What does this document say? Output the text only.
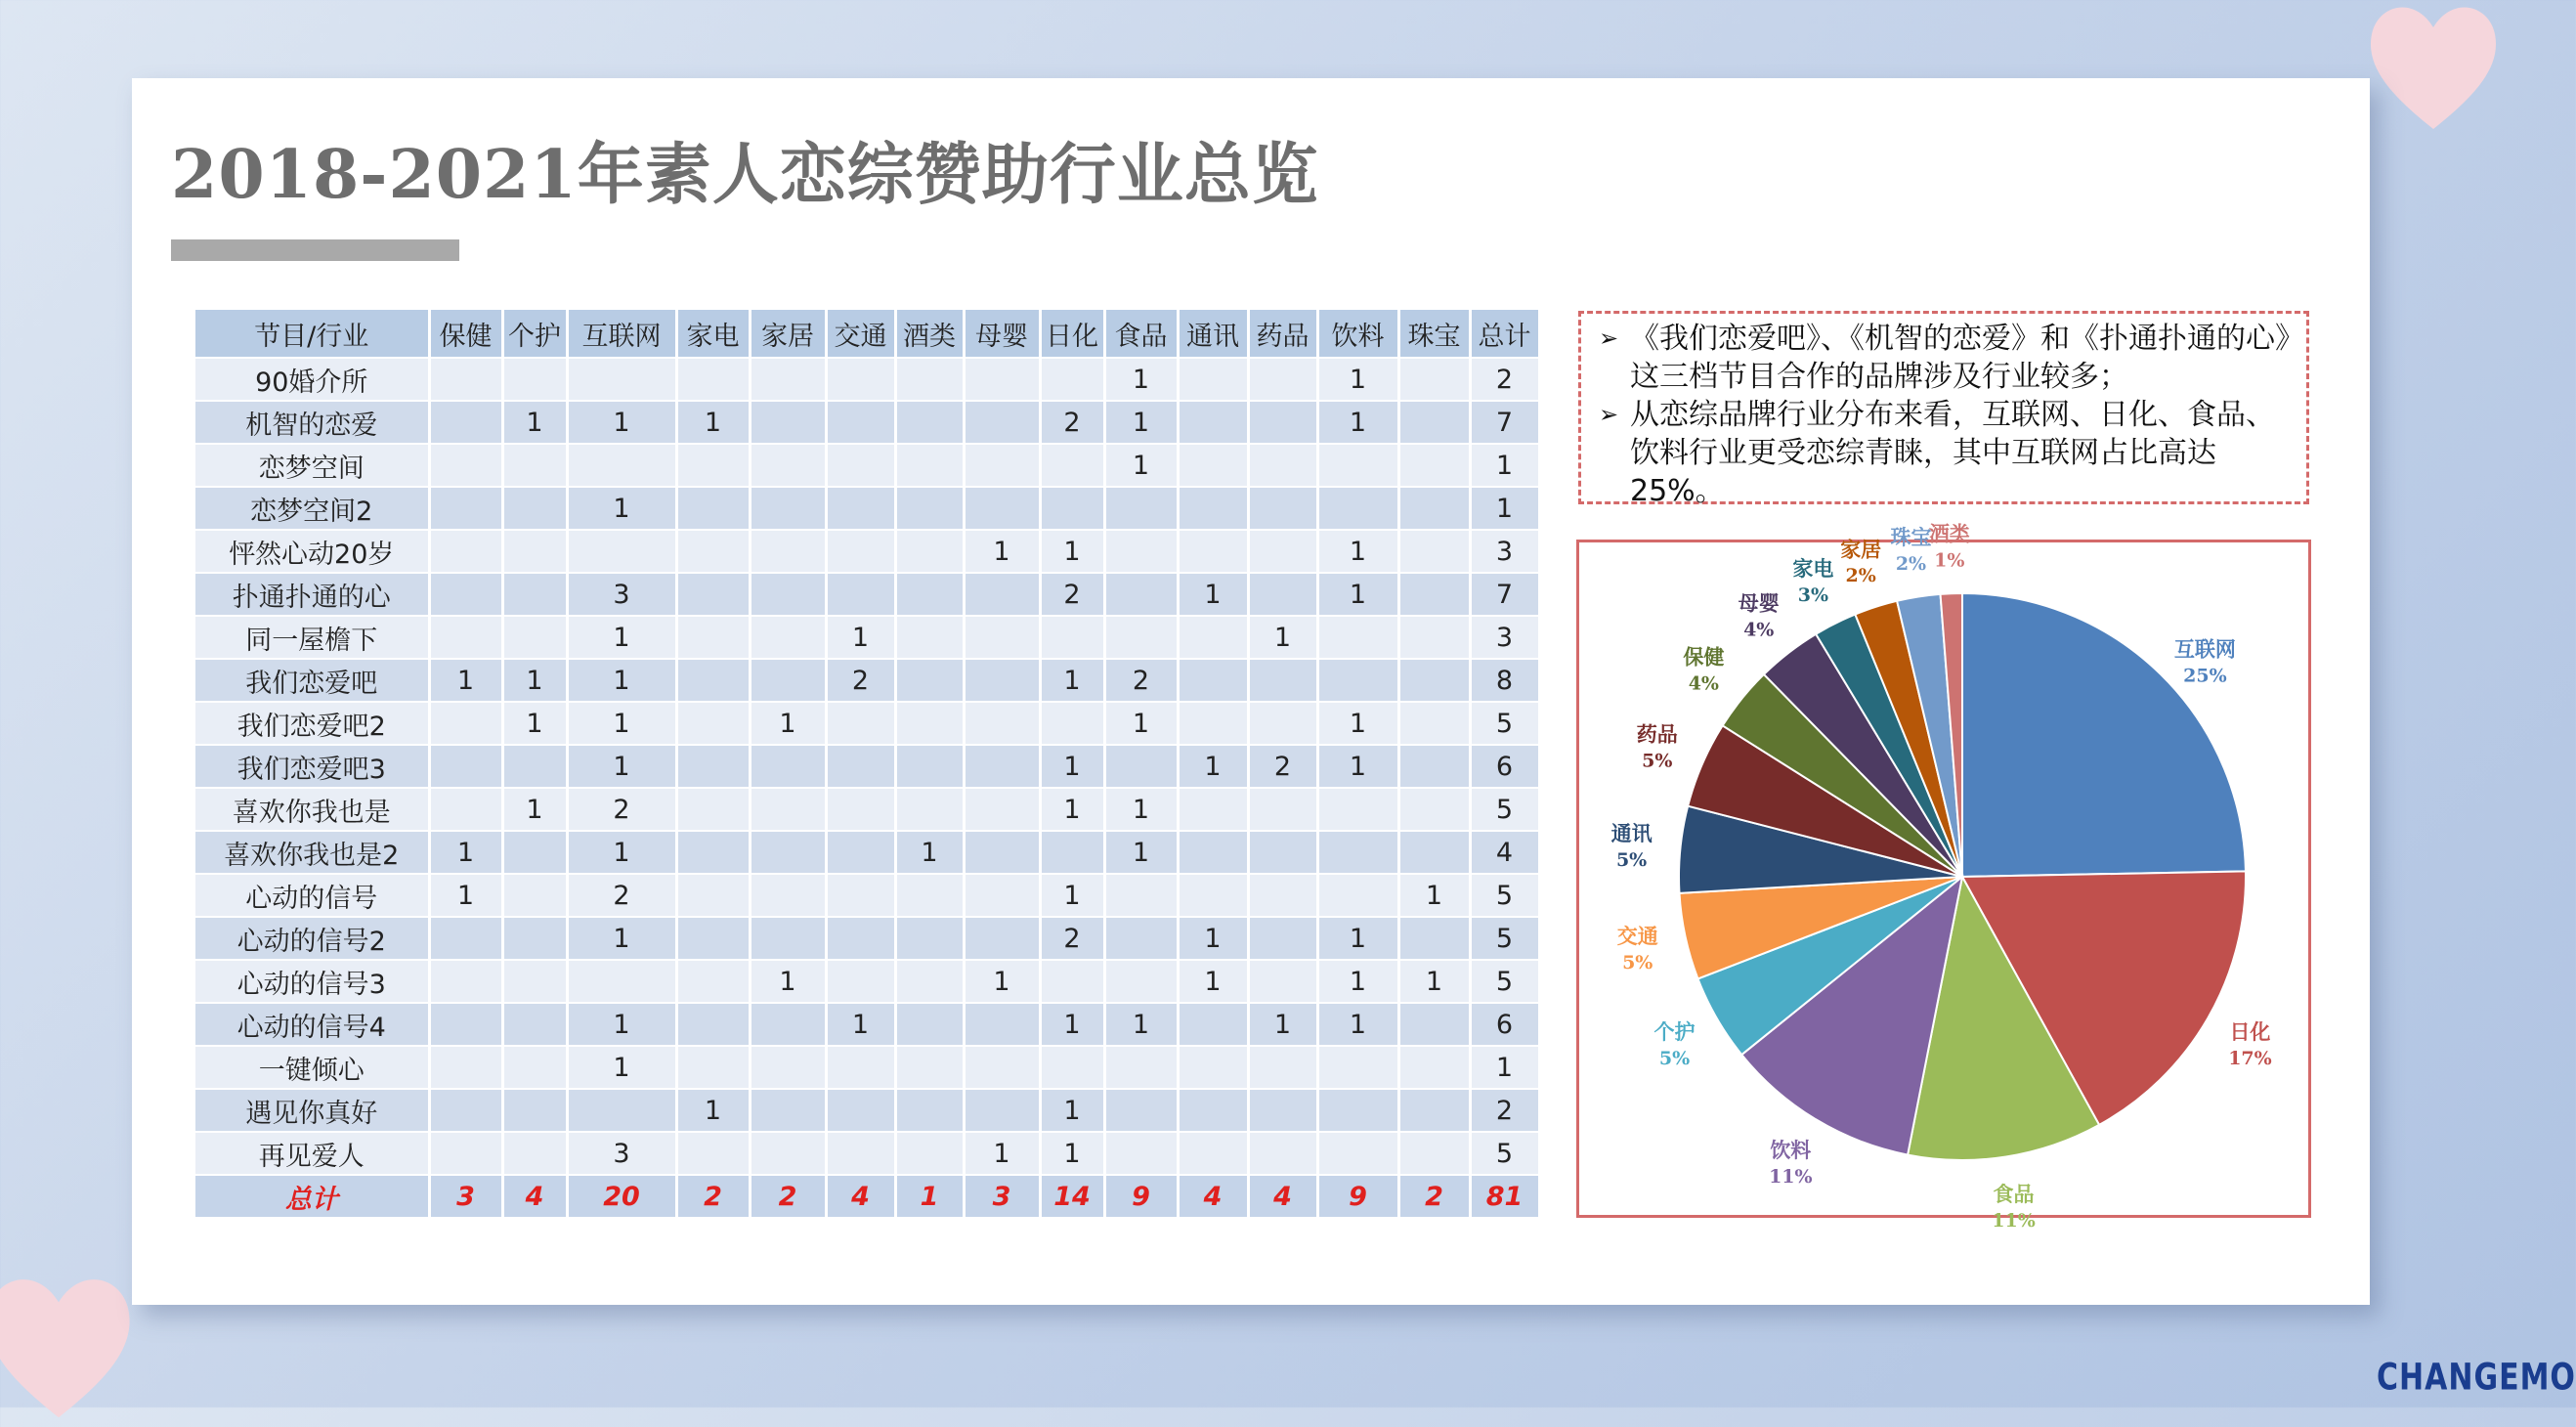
2018-2021年素人恋综赞助行业总览
节目/行业	保健	个护	互联网	家电	家居	交通	酒类	母婴	日化	食品	通讯	药品	饮料	珠宝	总计
90婚介所										1			1		2
机智的恋爱		1	1	1					2	1			1		7
恋梦空间										1					1
恋梦空间2			1												1
怦然心动20岁								1	1				1		3
扑通扑通的心			3						2		1		1		7
同一屋檐下			1			1						1			3
我们恋爱吧	1	1	1			2			1	2					8
我们恋爱吧2		1	1		1					1			1		5
我们恋爱吧3			1						1		1	2	1		6
喜欢你我也是		1	2						1	1					5
喜欢你我也是2	1		1				1			1					4
心动的信号	1		2						1					1	5
心动的信号2			1						2		1		1		5
心动的信号3					1			1			1		1	1	5
心动的信号4			1			1			1	1		1	1		6
一键倾心			1												1
遇见你真好				1					1						2
再见爱人			3					1	1						5
总计	3	4	20	2	2	4	1	3	14	9	4	4	9	2	81
➢ 《我们恋爱吧》、《机智的恋爱》和《扑通扑通的心》这三档节目合作的品牌涉及行业较多；
➢ 从恋综品牌行业分布来看，互联网、日化、食品、饮料行业更受恋综青睐，其中互联网占比高达25%。
互联网
25%
日化
17%
食品
11%
饮料
11%
个护
5%
交通
5%
通讯
5%
药品
5%
保健
4%
母婴
4%
家电
3%
家居
2%
珠宝
2%
酒类
1%
CHANGEMO
